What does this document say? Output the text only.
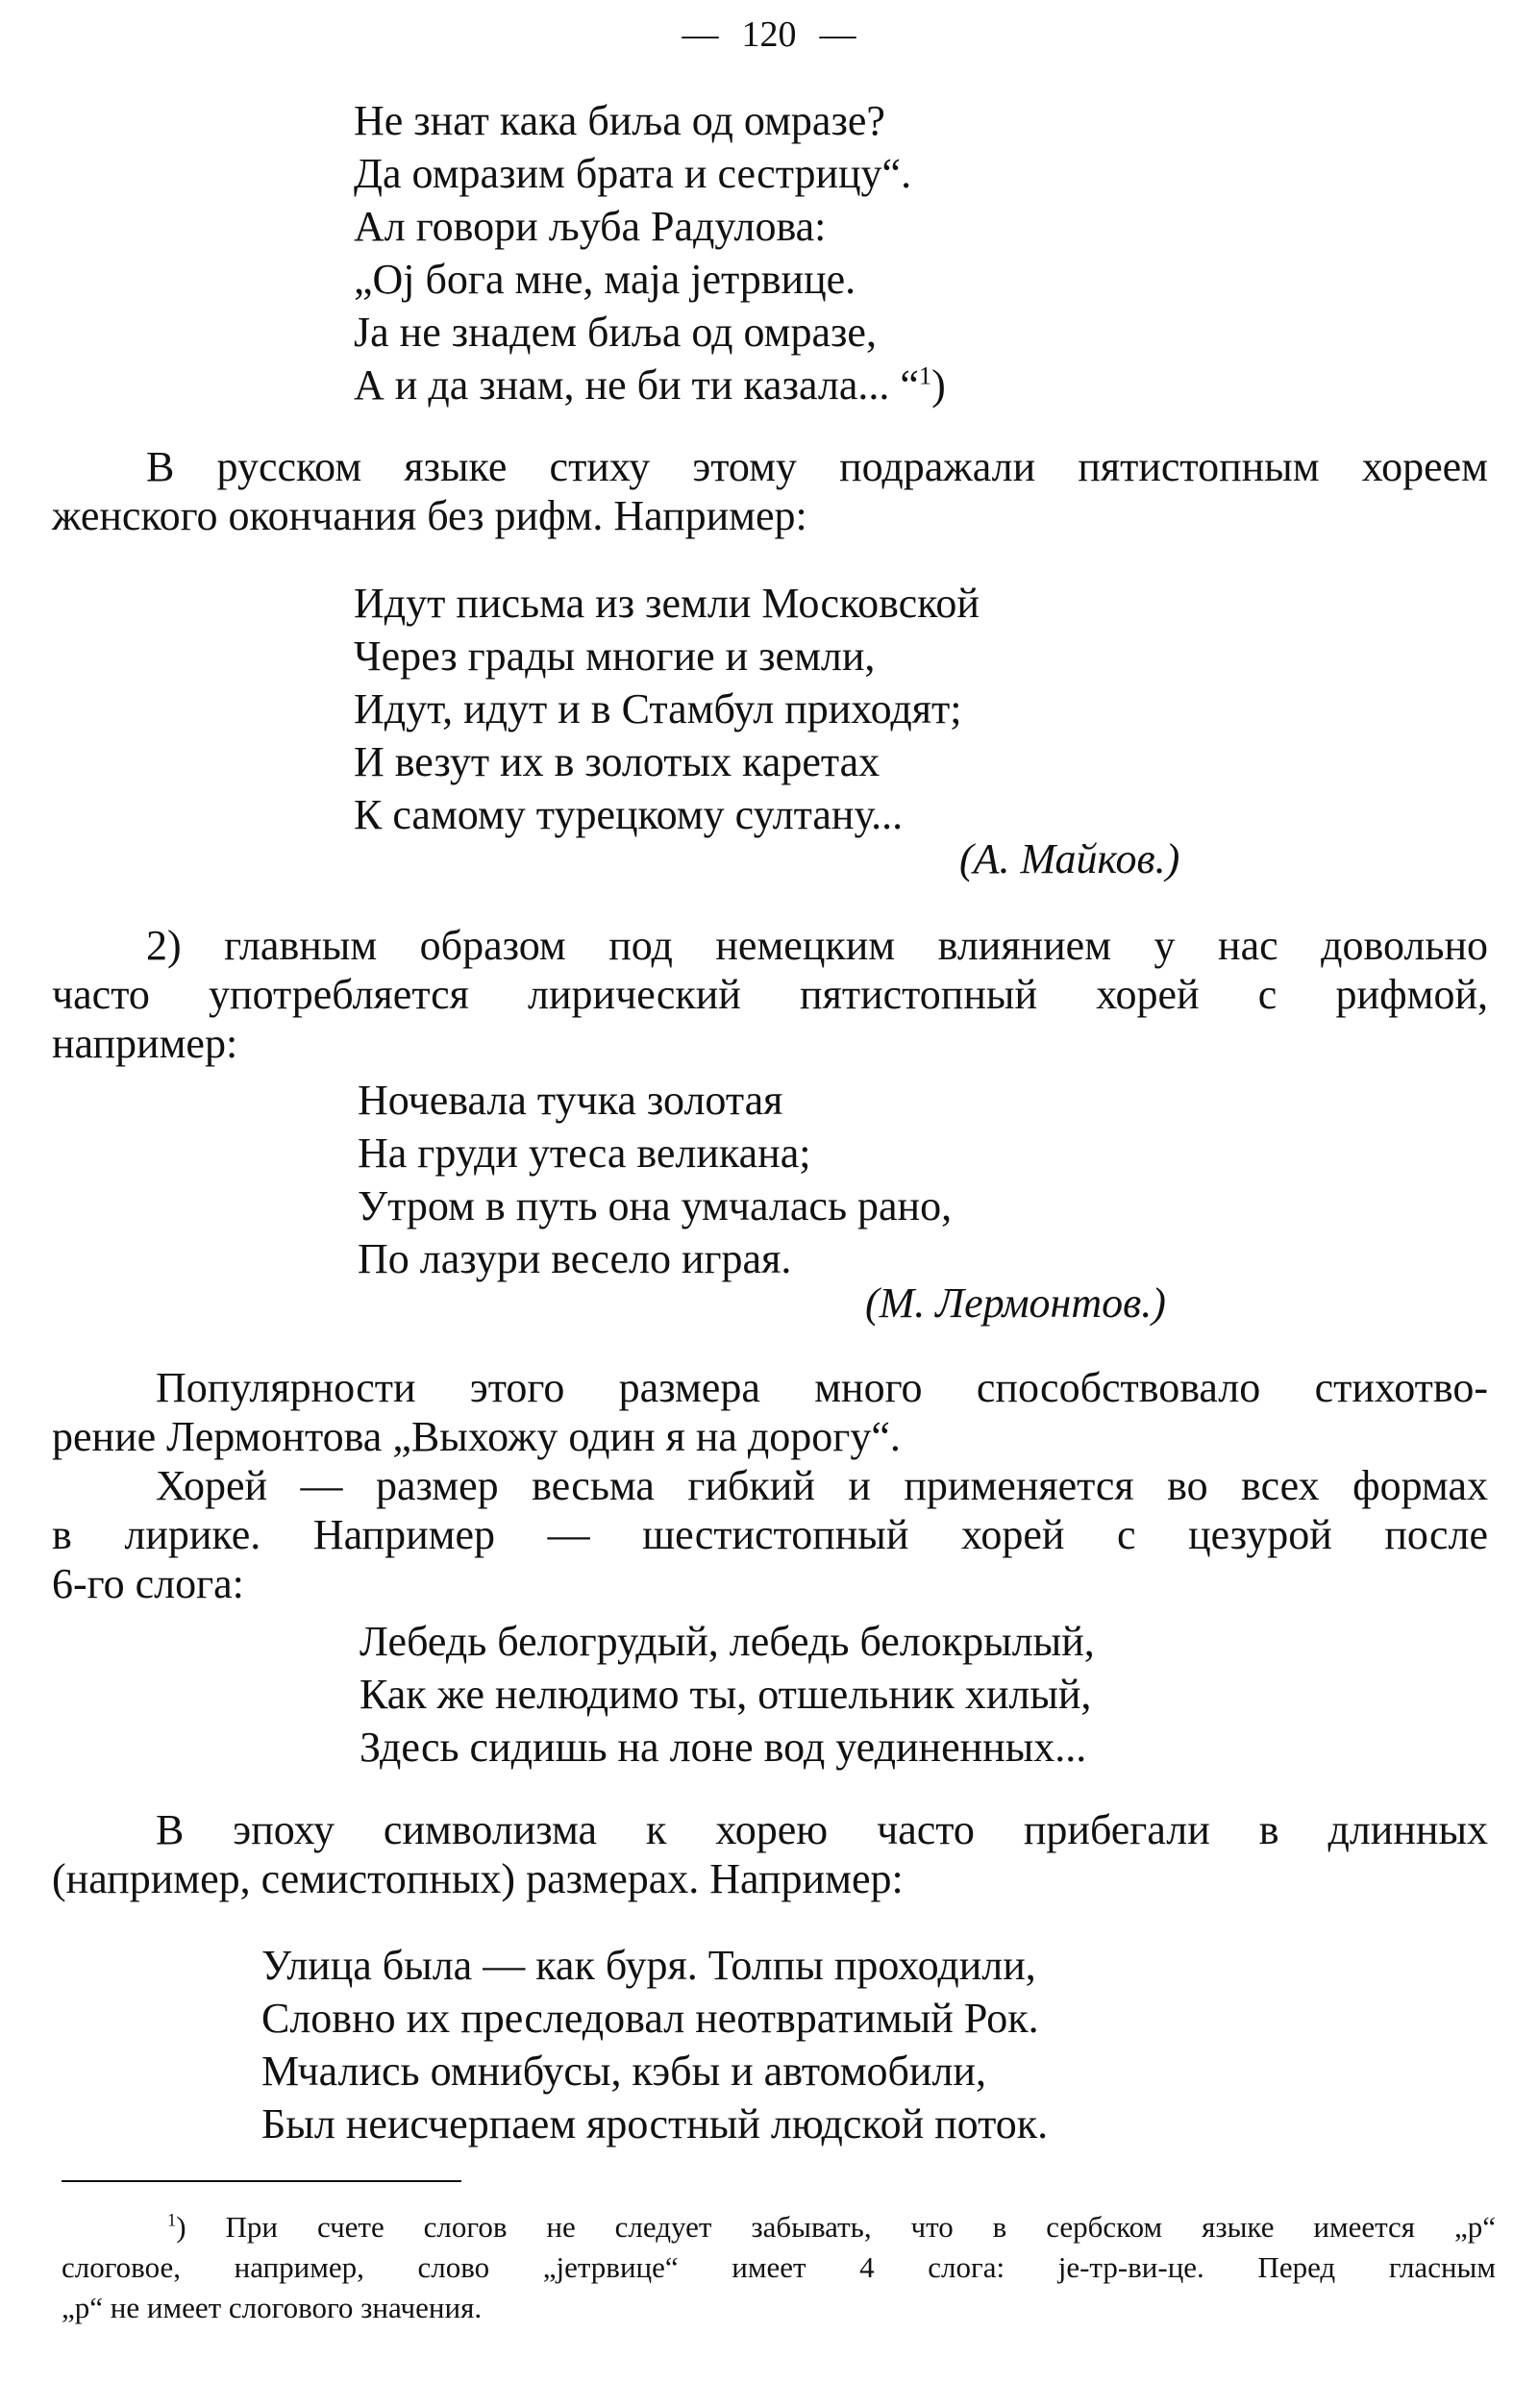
— 120 —
Не знат кака биљa од омразе?
Да омразим брата и сестрицу“.
Ал говори љуба Радулова:
„Oj бога мне, маjа jетрвице.
Jа не знадем биља од омразе,
А и да знам, не би ти казала... “$^1$)
В русском языке стиху этому подражали пятистопным хореем
женского окончания без рифм. Например:
Идут письма из земли Московской
Через грады многие и земли,
Идут, идут и в Стамбул приходят;
И везут их в золотых каретах
К самому турецкому султану...
(А. Майков.)
2) главным образом под немецким влиянием у нас довольно
часто употребляется лирический пятистопный хорей с рифмой,
например:
Ночевала тучка золотая
На груди утеса великана;
Утром в путь она умчалась рано,
По лазури весело играя.
(М. Лермонтов.)
Популярности этого размера много способствовало стихотво-
рение Лермонтова „Выхожу один я на дорогу“.
Хорей — размер весьма гибкий и применяется во всех формах
в лирике. Например — шестистопный хорей с цезурой после
6-го слога:
Лебедь белогрудый, лебедь белокрылый,
Как же нелюдимо ты, отшельник хилый,
Здесь сидишь на лоне вод уединенных...
В эпоху символизма к хорею часто прибегали в длинных
(например, семистопных) размерах. Например:
Улица была — как буря. Толпы проходили,
Словно их преследовал неотвратимый Рок.
Мчались омнибусы, кэбы и автомобили,
Был неисчерпаем яростный людской поток.
$^1$) При счете слогов не следует забывать, что в сербском языке имеется „р“
слоговое, например, слово „jетрвице“ имеет 4 слога: jе-тр-ви-це. Перед гласным
„р“ не имеет слогового значения.
